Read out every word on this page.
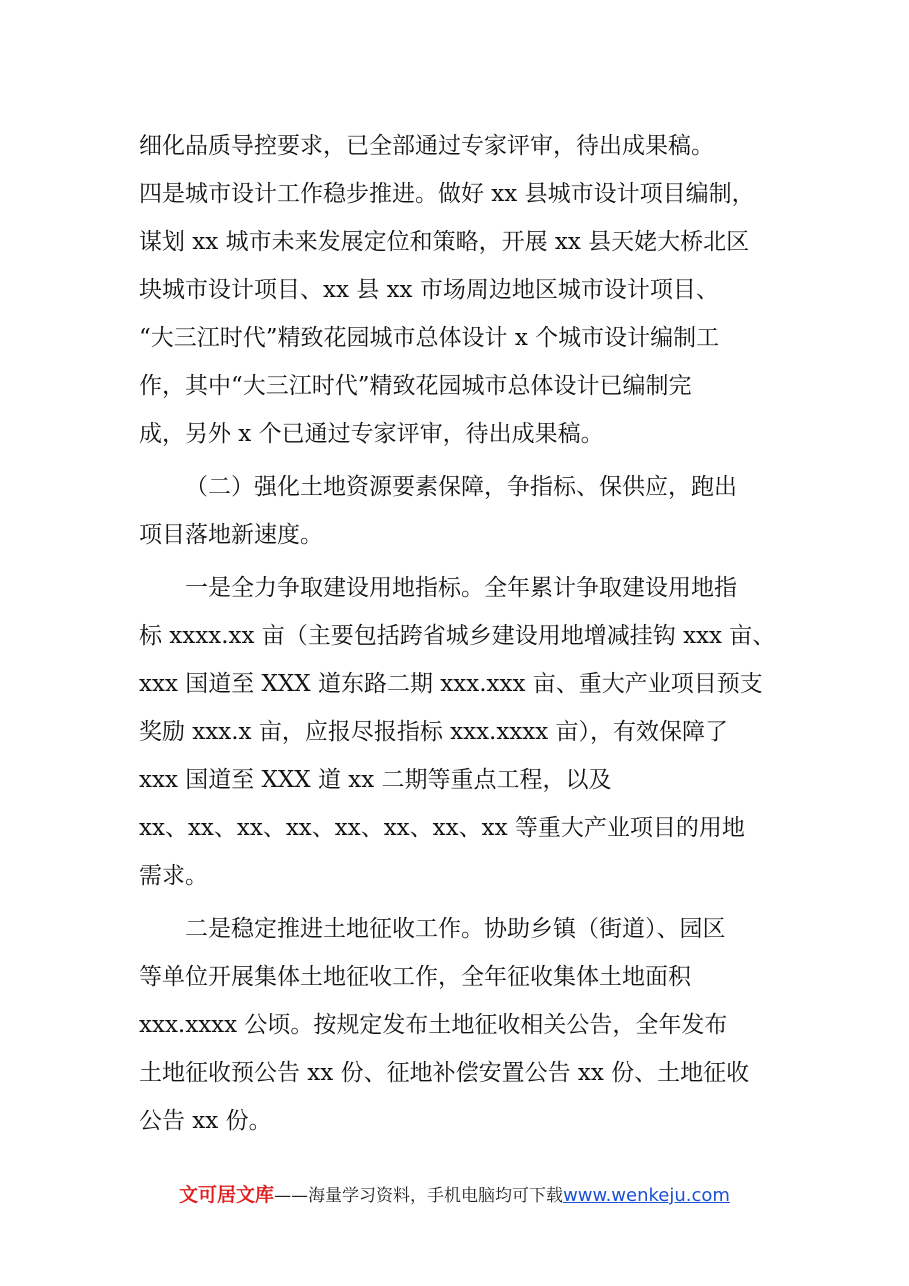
细化品质导控要求，已全部通过专家评审，待出成果稿。
四是城市设计工作稳步推进。做好 xx 县城市设计项目编制，
谋划 xx 城市未来发展定位和策略，开展 xx 县天姥大桥北区
块城市设计项目、xx 县 xx 市场周边地区城市设计项目、
“大三江时代”精致花园城市总体设计 x 个城市设计编制工
作，其中“大三江时代”精致花园城市总体设计已编制完
成，另外 x 个已通过专家评审，待出成果稿。
（二）强化土地资源要素保障，争指标、保供应，跑出
项目落地新速度。
一是全力争取建设用地指标。全年累计争取建设用地指
标 xxxx.xx 亩（主要包括跨省城乡建设用地增减挂钩 xxx 亩、
xxx 国道至 XXX 道东路二期 xxx.xxx 亩、重大产业项目预支
奖励 xxx.x 亩，应报尽报指标 xxx.xxxx 亩），有效保障了
xxx 国道至 XXX 道 xx 二期等重点工程，以及
xx、xx、xx、xx、xx、xx、xx、xx 等重大产业项目的用地
需求。
二是稳定推进土地征收工作。协助乡镇（街道）、园区
等单位开展集体土地征收工作，全年征收集体土地面积
xxx.xxxx 公顷。按规定发布土地征收相关公告，全年发布
土地征收预公告 xx 份、征地补偿安置公告 xx 份、土地征收
公告 xx 份。
文可居文库——海量学习资料，手机电脑均可下载www.wenkeju.com
